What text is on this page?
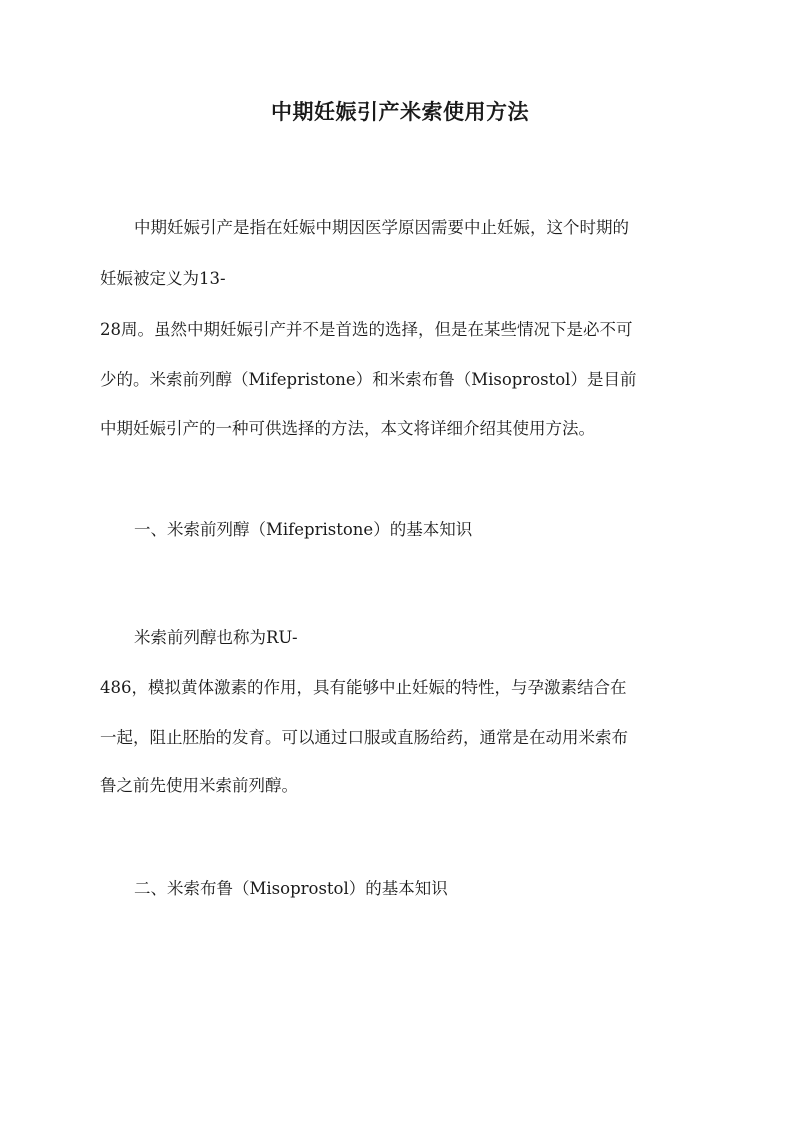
中期妊娠引产米索使用方法
中期妊娠引产是指在妊娠中期因医学原因需要中止妊娠，这个时期的
妊娠被定义为13-
28周。虽然中期妊娠引产并不是首选的选择，但是在某些情况下是必不可
少的。米索前列醇（Mifepristone）和米索布鲁（Misoprostol）是目前
中期妊娠引产的一种可供选择的方法，本文将详细介绍其使用方法。
一、米索前列醇（Mifepristone）的基本知识
米索前列醇也称为RU-
486，模拟黄体激素的作用，具有能够中止妊娠的特性，与孕激素结合在
一起，阻止胚胎的发育。可以通过口服或直肠给药，通常是在动用米索布
鲁之前先使用米索前列醇。
二、米索布鲁（Misoprostol）的基本知识
